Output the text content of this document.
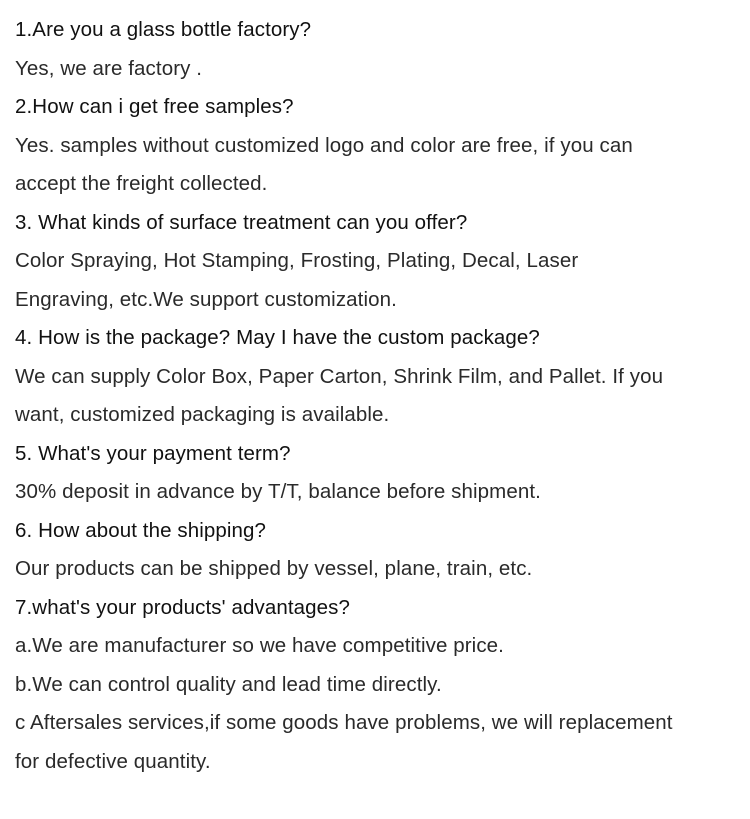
1.Are you a glass bottle factory?
Yes, we are factory .
2.How can i get free samples?
Yes. samples without customized logo and color are free, if you can
accept the freight collected.
3. What kinds of surface treatment can you offer?
Color Spraying, Hot Stamping, Frosting, Plating, Decal, Laser
Engraving, etc.We support customization.
4. How is the package? May I have the custom package?
We can supply Color Box, Paper Carton, Shrink Film, and Pallet. If you
want, customized packaging is available.
5. What's your payment term?
30% deposit in advance by T/T, balance before shipment.
6. How about the shipping?
Our products can be shipped by vessel, plane, train, etc.
7.what's your products' advantages?
a.We are manufacturer so we have competitive price.
b.We can control quality and lead time directly.
c Aftersales services,if some goods have problems, we will replacement
for defective quantity.
